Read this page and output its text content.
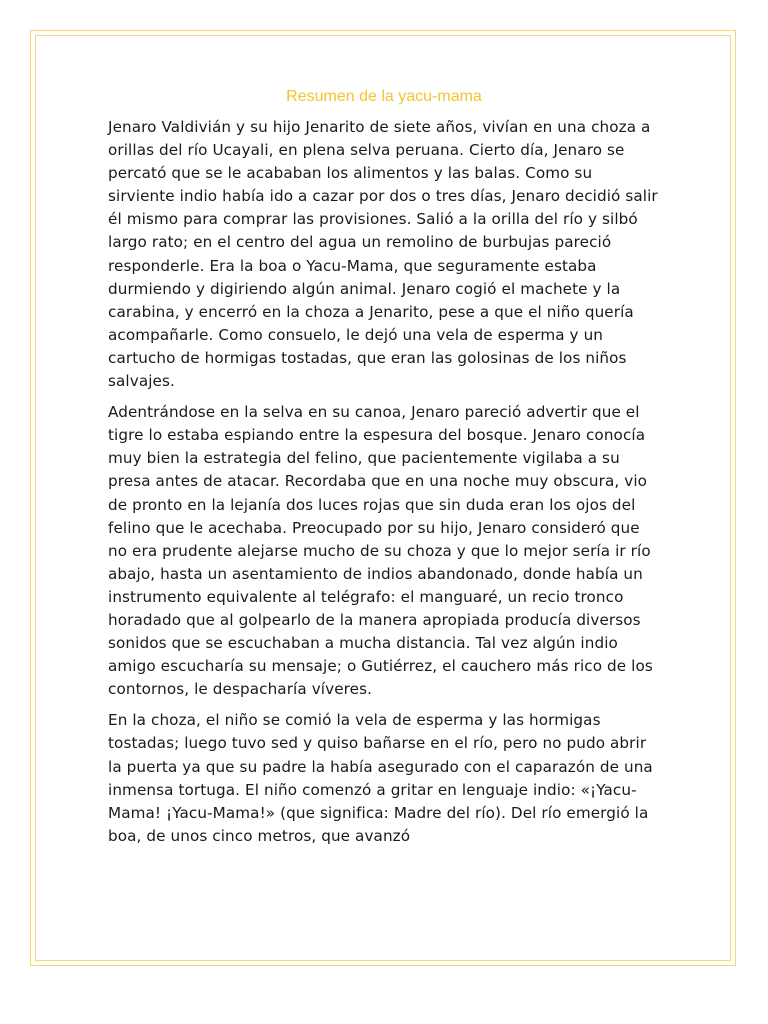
Resumen de la yacu-mama

Jenaro Valdivián y su hijo Jenarito de siete años, vivían en una choza a orillas del río Ucayali, en plena selva peruana. Cierto día, Jenaro se percató que se le acababan los alimentos y las balas. Como su sirviente indio había ido a cazar por dos o tres días, Jenaro decidió salir él mismo para comprar las provisiones. Salió a la orilla del río y silbó largo rato; en el centro del agua un remolino de burbujas pareció responderle. Era la boa o Yacu-Mama, que seguramente estaba durmiendo y digiriendo algún animal. Jenaro cogió el machete y la carabina, y encerró en la choza a Jenarito, pese a que el niño quería acompañarle. Como consuelo, le dejó una vela de esperma y un cartucho de hormigas tostadas, que eran las golosinas de los niños salvajes.

Adentrándose en la selva en su canoa, Jenaro pareció advertir que el tigre lo estaba espiando entre la espesura del bosque. Jenaro conocía muy bien la estrategia del felino, que pacientemente vigilaba a su presa antes de atacar. Recordaba que en una noche muy obscura, vio de pronto en la lejanía dos luces rojas que sin duda eran los ojos del felino que le acechaba. Preocupado por su hijo, Jenaro consideró que no era prudente alejarse mucho de su choza y que lo mejor sería ir río abajo, hasta un asentamiento de indios abandonado, donde había un instrumento equivalente al telégrafo: el manguaré, un recio tronco horadado que al golpearlo de la manera apropiada producía diversos sonidos que se escuchaban a mucha distancia. Tal vez algún indio amigo escucharía su mensaje; o Gutiérrez, el cauchero más rico de los contornos, le despacharía víveres.

En la choza, el niño se comió la vela de esperma y las hormigas tostadas; luego tuvo sed y quiso bañarse en el río, pero no pudo abrir la puerta ya que su padre la había asegurado con el caparazón de una inmensa tortuga. El niño comenzó a gritar en lenguaje indio: «¡Yacu-Mama! ¡Yacu-Mama!» (que significa: Madre del río). Del río emergió la boa, de unos cinco metros, que avanzó
